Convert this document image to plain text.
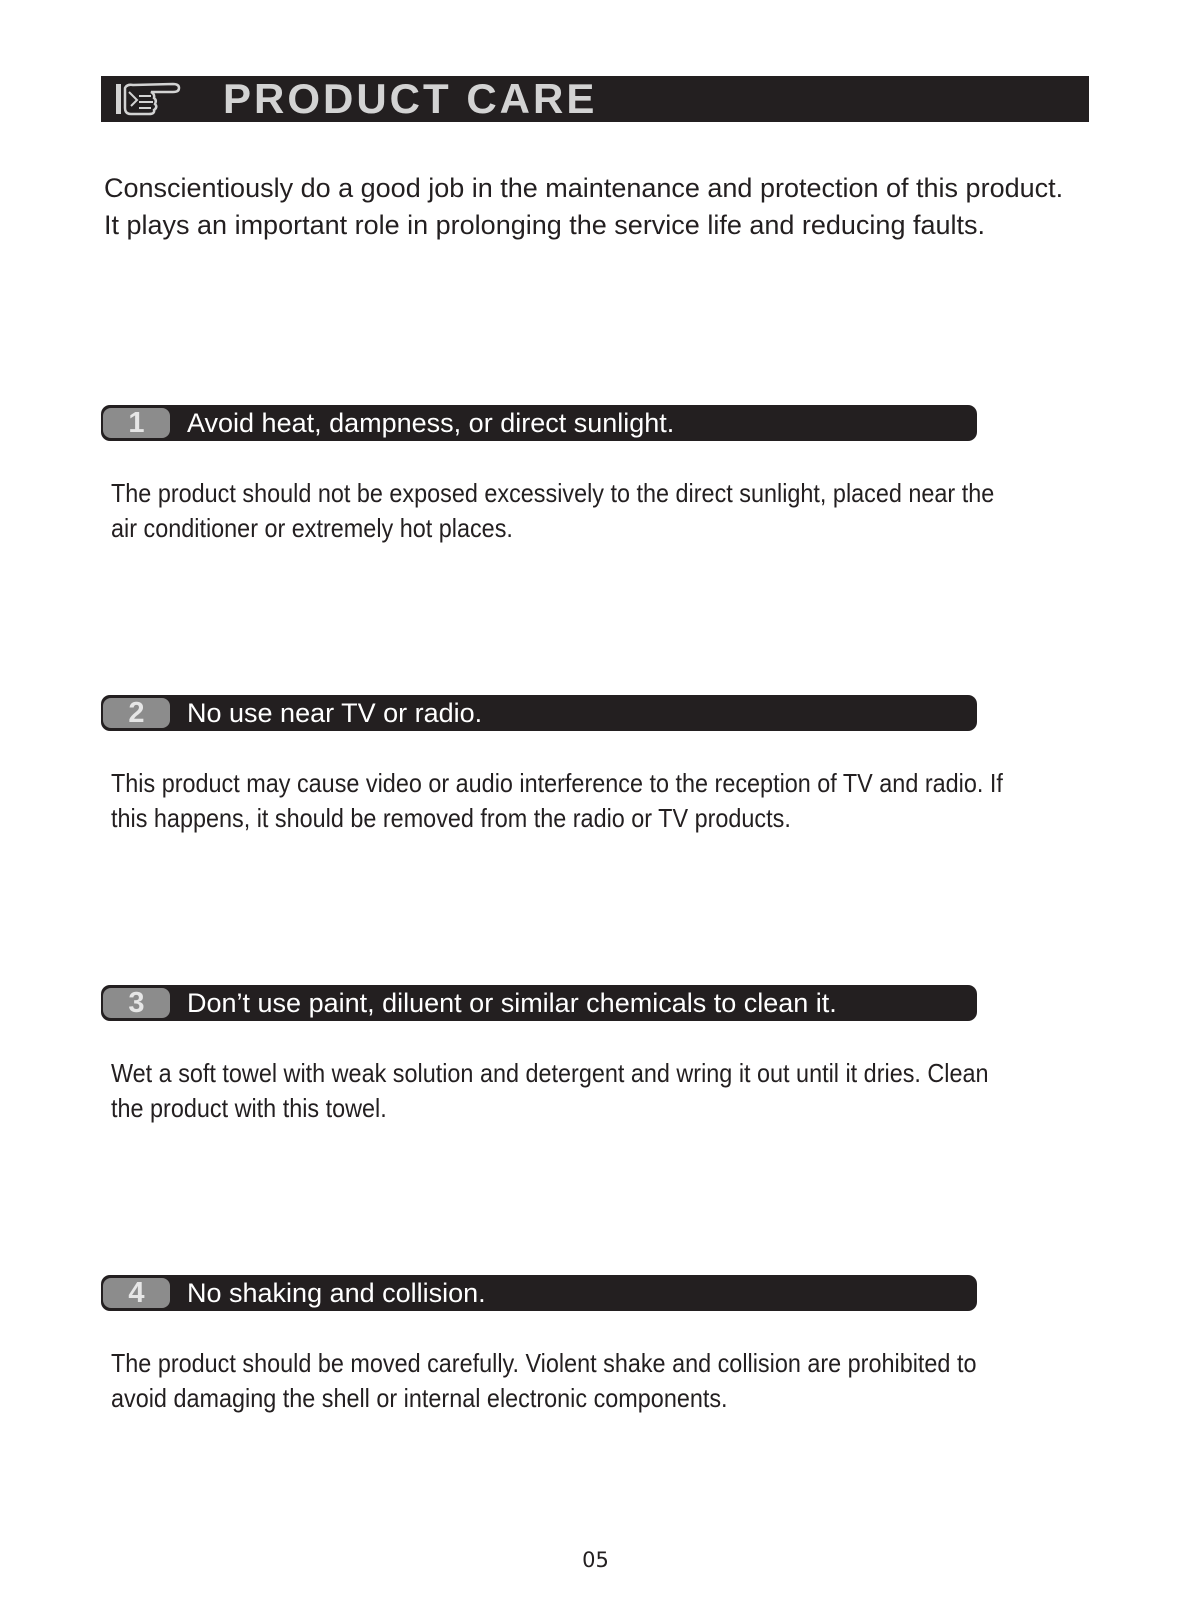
PRODUCT CARE

Conscientiously do a good job in the maintenance and protection of this product. It plays an important role in prolonging the service life and reducing faults.

1	Avoid heat, dampness, or direct sunlight.

The product should not be exposed excessively to the direct sunlight, placed near the air conditioner or extremely hot places.

2	No use near TV or radio.

This product may cause video or audio interference to the reception of TV and radio. If this happens, it should be removed from the radio or TV products.

3	Don’t use paint, diluent or similar chemicals to clean it.

Wet a soft towel with weak solution and detergent and wring it out until it dries. Clean the product with this towel.

4	No shaking and collision.

The product should be moved carefully. Violent shake and collision are prohibited to avoid damaging the shell or internal electronic components.

05
